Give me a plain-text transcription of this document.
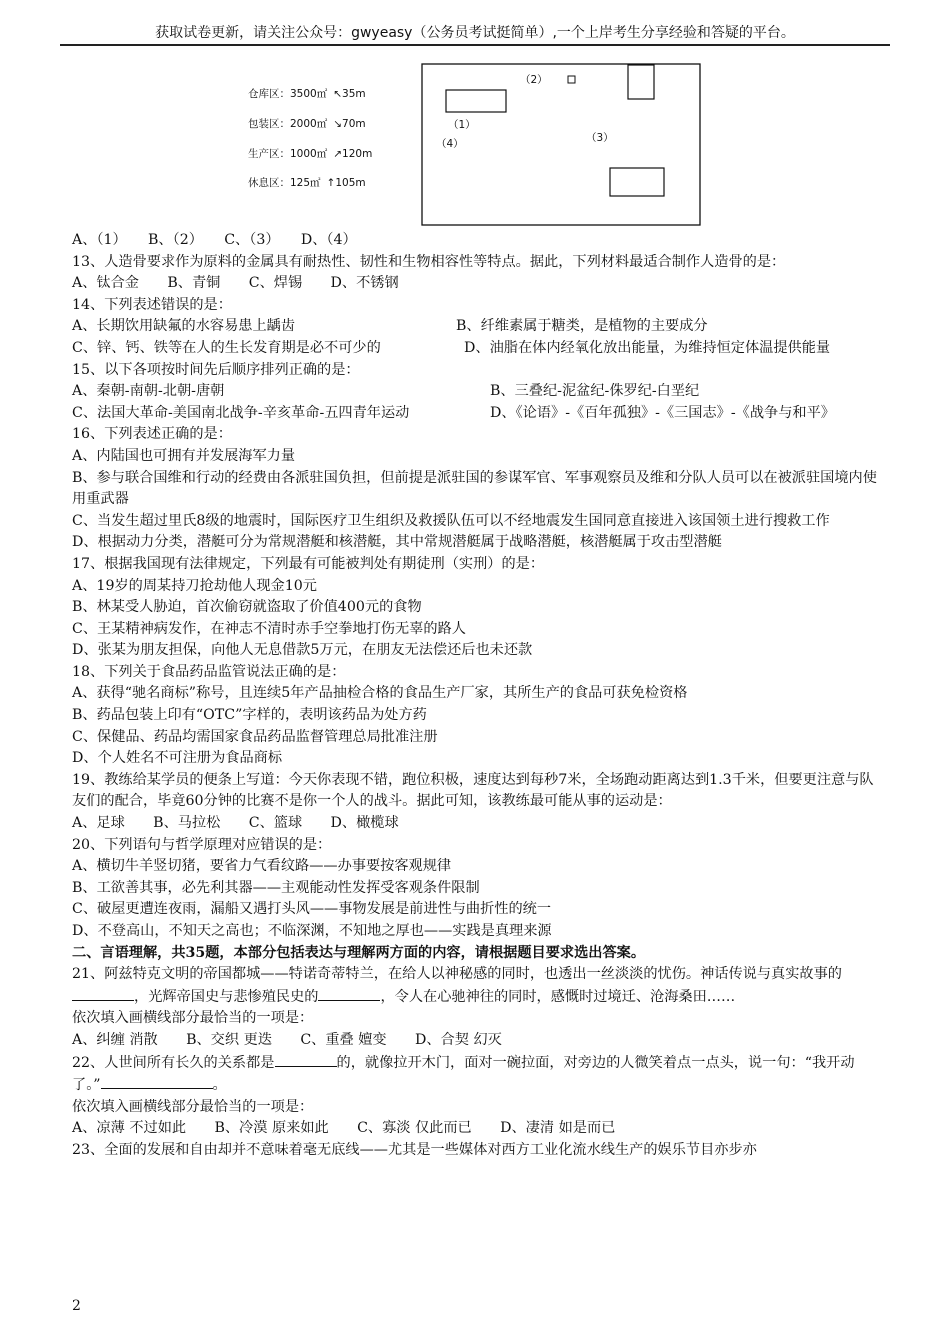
获取试卷更新，请关注公众号：gwyeasy（公务员考试挺简单）,一个上岸考生分享经验和答疑的平台。
仓库区：3500㎡ ↖35m
包装区：2000㎡ ↘70m
生产区：1000㎡ ↗120m
休息区：125㎡ ↑105m
（2）
（1）
（4）	（3）
A、（1）　　B、（2）　　C、（3）　　D、（4）
13、人造骨要求作为原料的金属具有耐热性、韧性和生物相容性等特点。据此，下列材料最适合制作人造骨的是：
A、钛合金　　B、青铜　　C、焊锡　　D、不锈钢
14、下列表述错误的是：
A、长期饮用缺氟的水容易患上龋齿	B、纤维素属于糖类，是植物的主要成分
C、锌、钙、铁等在人的生长发育期是必不可少的	D、油脂在体内经氧化放出能量，为维持恒定体温提供能量
15、以下各项按时间先后顺序排列正确的是：
A、秦朝-南朝-北朝-唐朝	B、三叠纪-泥盆纪-侏罗纪-白垩纪
C、法国大革命-美国南北战争-辛亥革命-五四青年运动	D、《论语》-《百年孤独》-《三国志》-《战争与和平》
16、下列表述正确的是：
A、内陆国也可拥有并发展海军力量
B、参与联合国维和行动的经费由各派驻国负担，但前提是派驻国的参谋军官、军事观察员及维和分队人员可以在被派驻国境内使用重武器
C、当发生超过里氏8级的地震时，国际医疗卫生组织及救援队伍可以不经地震发生国同意直接进入该国领土进行搜救工作
D、根据动力分类，潜艇可分为常规潜艇和核潜艇，其中常规潜艇属于战略潜艇，核潜艇属于攻击型潜艇
17、根据我国现有法律规定，下列最有可能被判处有期徒刑（实刑）的是：
A、19岁的周某持刀抢劫他人现金10元
B、林某受人胁迫，首次偷窃就盗取了价值400元的食物
C、王某精神病发作，在神志不清时赤手空拳地打伤无辜的路人
D、张某为朋友担保，向他人无息借款5万元，在朋友无法偿还后也未还款
18、下列关于食品药品监管说法正确的是：
A、获得“驰名商标”称号，且连续5年产品抽检合格的食品生产厂家，其所生产的食品可获免检资格
B、药品包装上印有“OTC”字样的，表明该药品为处方药
C、保健品、药品均需国家食品药品监督管理总局批准注册
D、个人姓名不可注册为食品商标
19、教练给某学员的便条上写道：今天你表现不错，跑位积极，速度达到每秒7米，全场跑动距离达到1.3千米，但要更注意与队友们的配合，毕竟60分钟的比赛不是你一个人的战斗。据此可知，该教练最可能从事的运动是：
A、足球　　B、马拉松　　C、篮球　　D、橄榄球
20、下列语句与哲学原理对应错误的是：
A、横切牛羊竖切猪，要省力气看纹路——办事要按客观规律
B、工欲善其事，必先利其器——主观能动性发挥受客观条件限制
C、破屋更遭连夜雨，漏船又遇打头风——事物发展是前进性与曲折性的统一
D、不登高山，不知天之高也；不临深渊，不知地之厚也——实践是真理来源
二、言语理解，共35题，本部分包括表达与理解两方面的内容，请根据题目要求选出答案。
21、阿兹特克文明的帝国都城——特诺奇蒂特兰，在给人以神秘感的同时，也透出一丝淡淡的忧伤。神话传说与真实故事的，光辉帝国史与悲惨殖民史的	，令人在心驰神往的同时，感慨时过境迁、沧海桑田……
依次填入画横线部分最恰当的一项是：
A、纠缠 消散　　B、交织 更迭　　C、重叠 嬗变　　D、合契 幻灭
22、人世间所有长久的关系都是	的，就像拉开木门，面对一碗拉面，对旁边的人微笑着点一点头，说一句：“我开动了。”	。
依次填入画横线部分最恰当的一项是：
A、凉薄 不过如此　　B、冷漠 原来如此　　C、寡淡 仅此而已　　D、凄清 如是而已
23、全面的发展和自由却并不意味着毫无底线——尤其是一些媒体对西方工业化流水线生产的娱乐节目亦步亦
2
